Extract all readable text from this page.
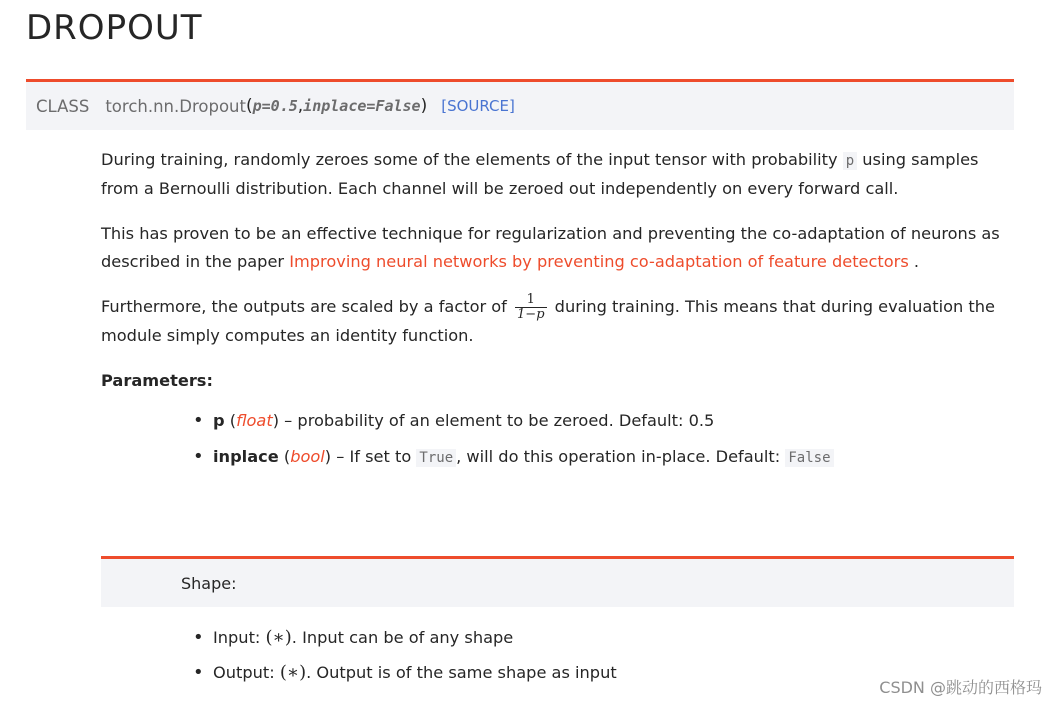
DROPOUT
CLASS torch.nn.Dropout ( p=0.5 , inplace=False ) [SOURCE]

During training, randomly zeroes some of the elements of the input tensor with probability p using samples from a Bernoulli distribution. Each channel will be zeroed out independently on every forward call.

This has proven to be an effective technique for regularization and preventing the co-adaptation of neurons as described in the paper Improving neural networks by preventing co-adaptation of feature detectors .

Furthermore, the outputs are scaled by a factor of $\frac{1}{1-p}$ during training. This means that during evaluation the module simply computes an identity function.

Parameters:
• p (float) – probability of an element to be zeroed. Default: 0.5
• inplace (bool) – If set to True , will do this operation in-place. Default: False
Shape:
• Input: (∗). Input can be of any shape
• Output: (∗). Output is of the same shape as input
CSDN @跳动的西格玛
